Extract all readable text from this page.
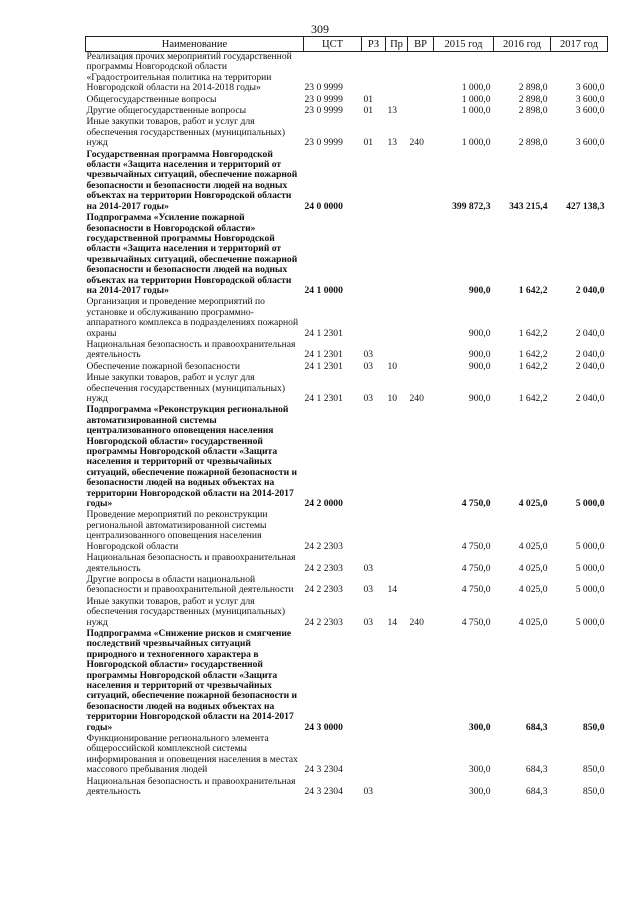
309
Наименование	ЦСТ	РЗ	Пр	ВР	2015 год	2016 год	2017 год
Реализация прочих мероприятий государственной программы Новгородской области «Градостроительная политика на территории Новгородской области на 2014-2018 годы»	23 0 9999				1 000,0	2 898,0	3 600,0
Общегосударственные вопросы	23 0 9999	01			1 000,0	2 898,0	3 600,0
Другие общегосударственные вопросы	23 0 9999	01	13		1 000,0	2 898,0	3 600,0
Иные закупки товаров, работ и услуг для обеспечения государственных (муниципальных) нужд	23 0 9999	01	13	240	1 000,0	2 898,0	3 600,0
Государственная программа Новгородской области «Защита населения и территорий от чрезвычайных ситуаций, обеспечение пожарной безопасности и безопасности людей на водных объектах на территории Новгородской области на 2014-2017 годы»	24 0 0000				399 872,3	343 215,4	427 138,3
Подпрограмма «Усиление пожарной безопасности в Новгородской области» государственной программы Новгородской области «Защита населения и территорий от чрезвычайных ситуаций, обеспечение пожарной безопасности и безопасности людей на водных объектах на территории Новгородской области на 2014-2017 годы»	24 1 0000				900,0	1 642,2	2 040,0
Организация и проведение мероприятий по установке и обслуживанию программно-аппаратного комплекса в подразделениях пожарной охраны	24 1 2301				900,0	1 642,2	2 040,0
Национальная безопасность и правоохранительная деятельность	24 1 2301	03			900,0	1 642,2	2 040,0
Обеспечение пожарной безопасности	24 1 2301	03	10		900,0	1 642,2	2 040,0
Иные закупки товаров, работ и услуг для обеспечения государственных (муниципальных) нужд	24 1 2301	03	10	240	900,0	1 642,2	2 040,0
Подпрограмма «Реконструкция региональной автоматизированной системы централизованного оповещения населения Новгородской области» государственной программы Новгородской области «Защита населения и территорий от чрезвычайных ситуаций, обеспечение пожарной безопасности и безопасности людей на водных объектах на территории Новгородской области на 2014-2017 годы»	24 2 0000				4 750,0	4 025,0	5 000,0
Проведение мероприятий по реконструкции региональной автоматизированной системы централизованного оповещения населения Новгородской области	24 2 2303				4 750,0	4 025,0	5 000,0
Национальная безопасность и правоохранительная деятельность	24 2 2303	03			4 750,0	4 025,0	5 000,0
Другие вопросы в области национальной безопасности и правоохранительной деятельности	24 2 2303	03	14		4 750,0	4 025,0	5 000,0
Иные закупки товаров, работ и услуг для обеспечения государственных (муниципальных) нужд	24 2 2303	03	14	240	4 750,0	4 025,0	5 000,0
Подпрограмма «Снижение рисков и смягчение последствий чрезвычайных ситуаций природного и техногенного характера в Новгородской области» государственной программы Новгородской области «Защита населения и территорий от чрезвычайных ситуаций, обеспечение пожарной безопасности и безопасности людей на водных объектах на территории Новгородской области на 2014-2017 годы»	24 3 0000				300,0	684,3	850,0
Функционирование регионального элемента общероссийской комплексной системы информирования и оповещения населения в местах массового пребывания людей	24 3 2304				300,0	684,3	850,0
Национальная безопасность и правоохранительная деятельность	24 3 2304	03			300,0	684,3	850,0
